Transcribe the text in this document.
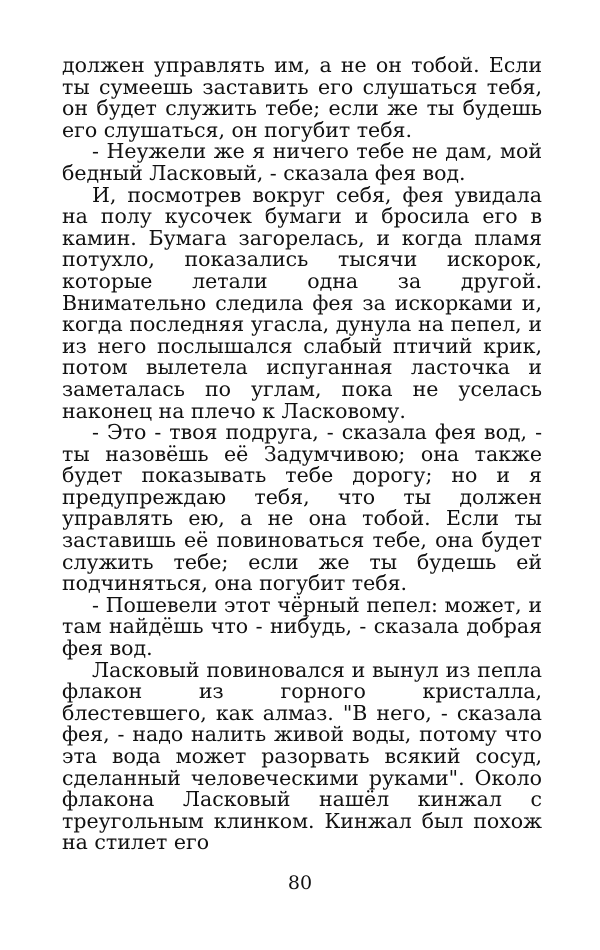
должен управлять им, а не он тобой. Если ты сумеешь заставить его слушаться тебя, он будет служить тебе; если же ты будешь его слушаться, он погубит тебя.

- Неужели же я ничего тебе не дам, мой бедный Ласковый, - сказала фея вод.

И, посмотрев вокруг себя, фея увидала на полу кусочек бумаги и бросила его в камин. Бумага загорелась, и когда пламя потухло, показались тысячи искорок, которые летали одна за другой. Внимательно следила фея за искорками и, когда последняя угасла, дунула на пепел, и из него послышался слабый птичий крик, потом вылетела испуганная ласточка и заметалась по углам, пока не уселась наконец на плечо к Ласковому.

- Это - твоя подруга, - сказала фея вод, - ты назовёшь её Задумчивою; она также будет показывать тебе дорогу; но и я предупреждаю тебя, что ты должен управлять ею, а не она тобой. Если ты заставишь её повиноваться тебе, она будет служить тебе; если же ты будешь ей подчиняться, она погубит тебя.

- Пошевели этот чёрный пепел: может, и там найдёшь что - нибудь, - сказала добрая фея вод.

Ласковый повиновался и вынул из пепла флакон из горного кристалла, блестевшего, как алмаз. "В него, - сказала фея, - надо налить живой воды, потому что эта вода может разорвать всякий сосуд, сделанный человеческими руками". Около флакона Ласковый нашёл кинжал с треугольным клинком. Кинжал был похож на стилет его

80
